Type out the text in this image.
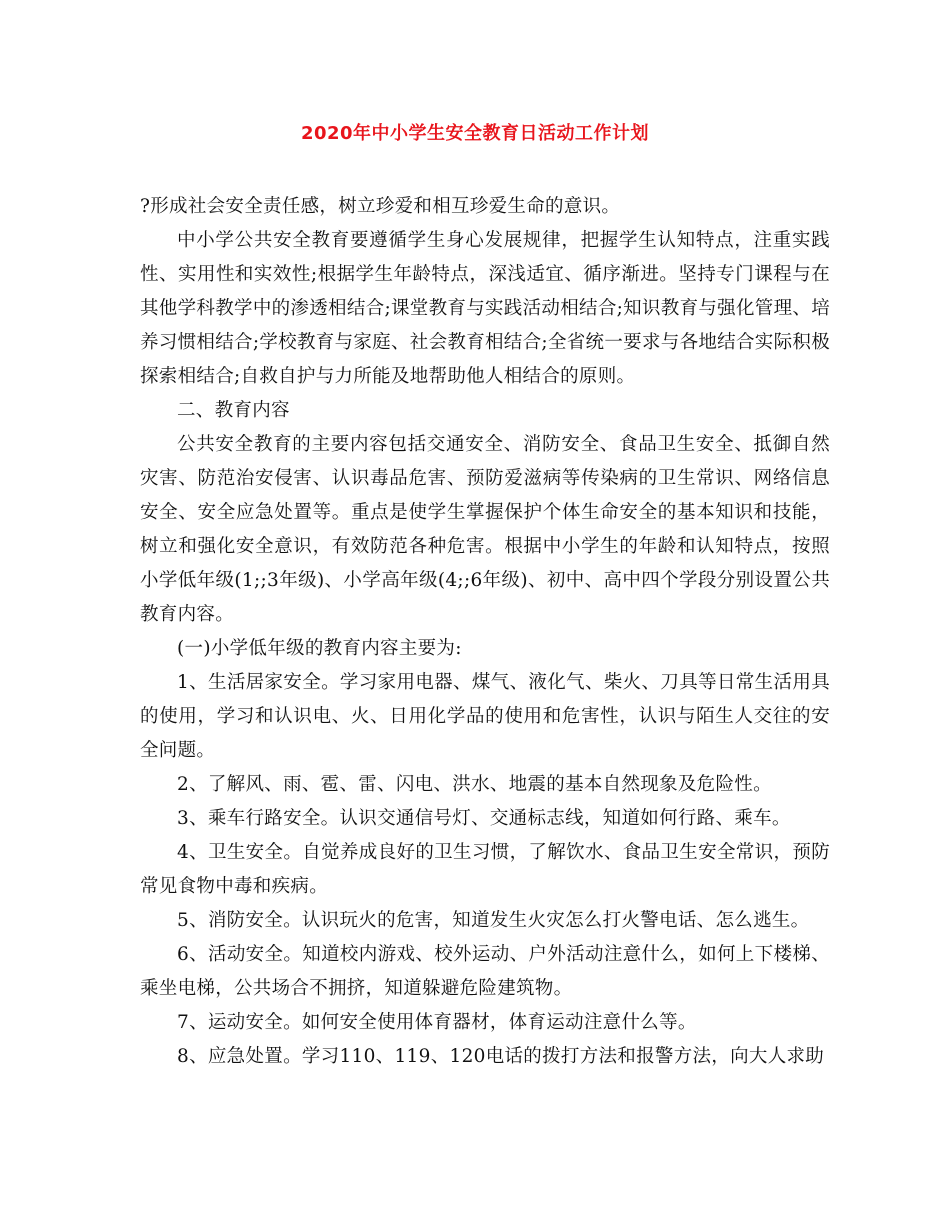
2020年中小学生安全教育日活动工作计划

?形成社会安全责任感，树立珍爱和相互珍爱生命的意识。

中小学公共安全教育要遵循学生身心发展规律，把握学生认知特点，注重实践性、实用性和实效性;根据学生年龄特点，深浅适宜、循序渐进。坚持专门课程与在其他学科教学中的渗透相结合;课堂教育与实践活动相结合;知识教育与强化管理、培养习惯相结合;学校教育与家庭、社会教育相结合;全省统一要求与各地结合实际积极探索相结合;自救自护与力所能及地帮助他人相结合的原则。

二、教育内容

公共安全教育的主要内容包括交通安全、消防安全、食品卫生安全、抵御自然灾害、防范治安侵害、认识毒品危害、预防爱滋病等传染病的卫生常识、网络信息安全、安全应急处置等。重点是使学生掌握保护个体生命安全的基本知识和技能，树立和强化安全意识，有效防范各种危害。根据中小学生的年龄和认知特点，按照小学低年级(1;;3年级)、小学高年级(4;;6年级)、初中、高中四个学段分别设置公共教育内容。

(一)小学低年级的教育内容主要为:

1、生活居家安全。学习家用电器、煤气、液化气、柴火、刀具等日常生活用具的使用，学习和认识电、火、日用化学品的使用和危害性，认识与陌生人交往的安全问题。

2、了解风、雨、雹、雷、闪电、洪水、地震的基本自然现象及危险性。

3、乘车行路安全。认识交通信号灯、交通标志线，知道如何行路、乘车。

4、卫生安全。自觉养成良好的卫生习惯，了解饮水、食品卫生安全常识，预防常见食物中毒和疾病。

5、消防安全。认识玩火的危害，知道发生火灾怎么打火警电话、怎么逃生。

6、活动安全。知道校内游戏、校外运动、户外活动注意什么，如何上下楼梯、乘坐电梯，公共场合不拥挤，知道躲避危险建筑物。

7、运动安全。如何安全使用体育器材，体育运动注意什么等。

8、应急处置。学习110、119、120电话的拨打方法和报警方法，向大人求助
